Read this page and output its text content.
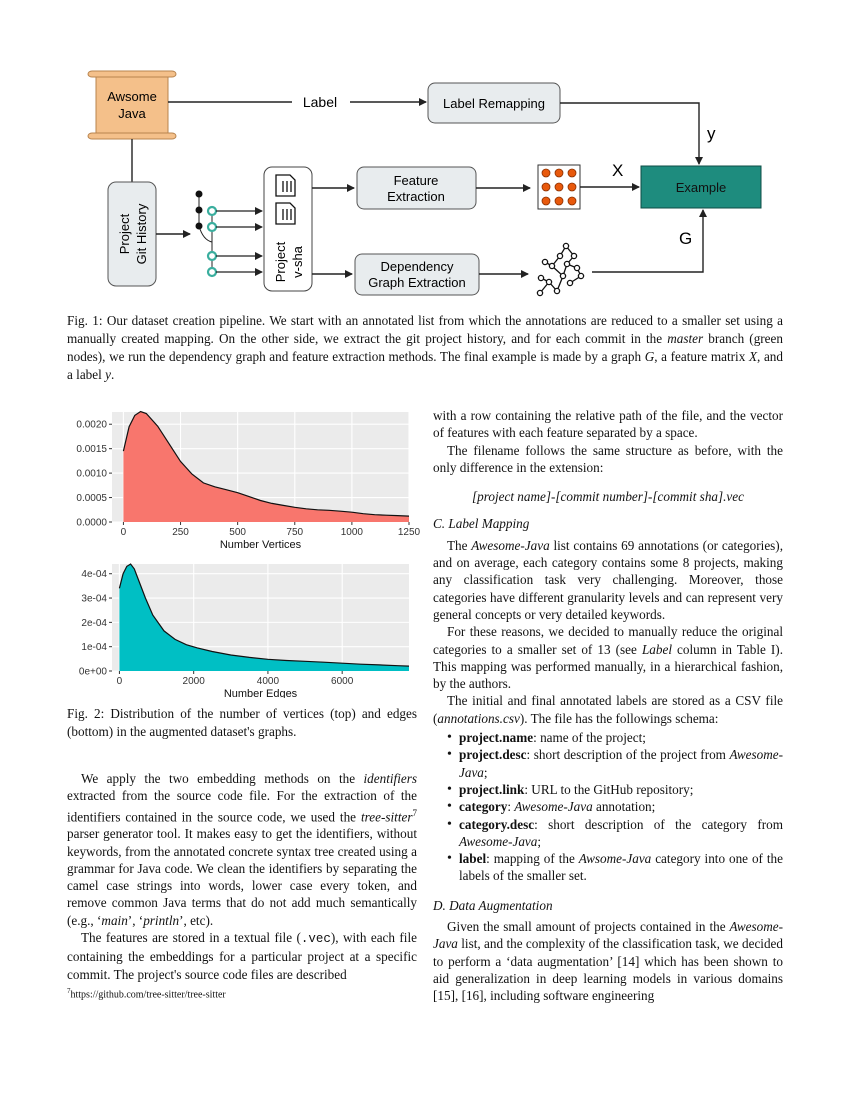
Awsome
Java
Label	Label Remapping
y
Project Git History	Project v-sha
Feature
Extraction
X
Example
Dependency
Graph Extraction
G
Fig. 1: Our dataset creation pipeline. We start with an annotated list from which the annotations are reduced to a smaller set using a manually created mapping. On the other side, we extract the git project history, and for each commit in the master branch (green nodes), we run the dependency graph and feature extraction methods. The final example is made by a graph G, a feature matrix X, and a label y.
0.0000
0.0005
0.0010
0.0015
0.0020
0	250	500	750	1000	1250
Number Vertices
0e+00
1e-04
2e-04
3e-04
4e-04
0	2000	4000	6000
Number Edges
Fig. 2: Distribution of the number of vertices (top) and edges (bottom) in the augmented dataset's graphs.

We apply the two embedding methods on the identifiers extracted from the source code file. For the extraction of the identifiers contained in the source code, we used the tree-sitter$^7$ parser generator tool. It makes easy to get the identifiers, without keywords, from the annotated concrete syntax tree created using a grammar for Java code. We clean the identifiers by separating the camel case strings into words, lower case every token, and remove common Java terms that do not add much semantically (e.g., ‘main’, ‘println’, etc).

The features are stored in a textual file (.vec), with each file containing the embeddings for a particular project at a specific commit. The project's source code files are described

$^7$https://github.com/tree-sitter/tree-sitter

with a row containing the relative path of the file, and the vector of features with each feature separated by a space.

The filename follows the same structure as before, with the only difference in the extension:

[project name]-[commit number]-[commit sha].vec

C. Label Mapping

The Awesome-Java list contains 69 annotations (or categories), and on average, each category contains some 8 projects, making any classification task very challenging. Moreover, those categories have different granularity levels and can represent very general concepts or very detailed keywords.

For these reasons, we decided to manually reduce the original categories to a smaller set of 13 (see Label column in Table I). This mapping was performed manually, in a hierarchical fashion, by the authors.

The initial and final annotated labels are stored as a CSV file (annotations.csv). The file has the followings schema:

• project.name: name of the project;
• project.desc: short description of the project from Awesome-Java;
• project.link: URL to the GitHub repository;
• category: Awesome-Java annotation;
• category.desc: short description of the category from Awesome-Java;
• label: mapping of the Awsome-Java category into one of the labels of the smaller set.

D. Data Augmentation

Given the small amount of projects contained in the Awesome-Java list, and the complexity of the classification task, we decided to perform a ‘data augmentation’ [14] which has been shown to aid generalization in deep learning models in various domains [15], [16], including software engineering
